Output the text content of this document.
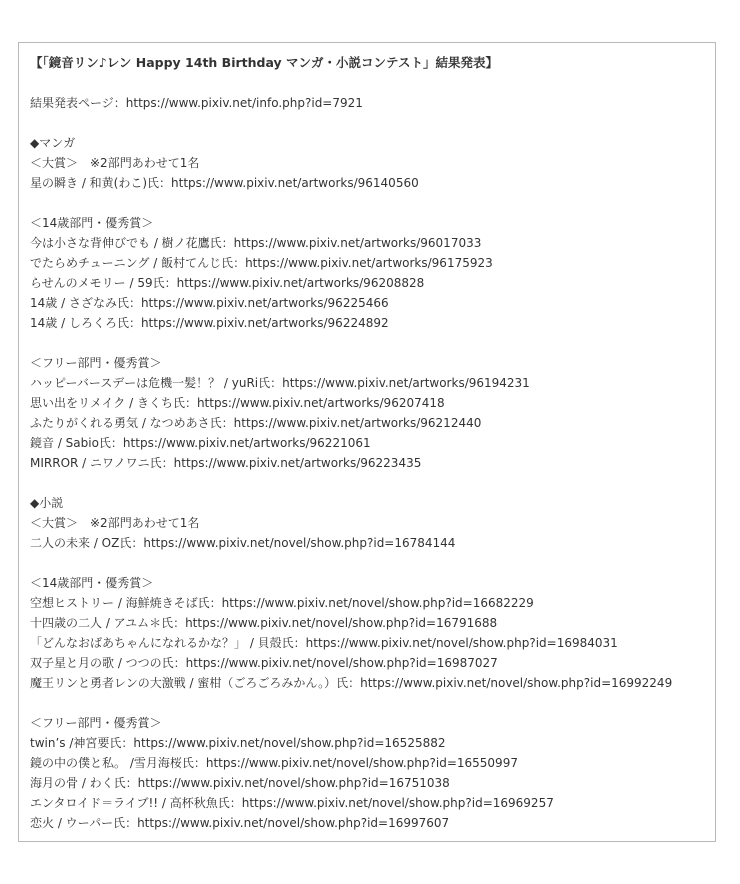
【「鏡音リン♪レン Happy 14th Birthday マンガ・小説コンテスト」結果発表】
結果発表ページ：https://www.pixiv.net/info.php?id=7921
◆マンガ
＜大賞＞　※2部門あわせて1名
星の瞬き / 和黄(わこ)氏：https://www.pixiv.net/artworks/96140560
＜14歳部門・優秀賞＞
今は小さな背伸びでも / 樹ノ花鷹氏：https://www.pixiv.net/artworks/96017033
でたらめチューニング / 飯村てんじ氏：https://www.pixiv.net/artworks/96175923
らせんのメモリー / 59氏：https://www.pixiv.net/artworks/96208828
14歳 / さざなみ氏：https://www.pixiv.net/artworks/96225466
14歳 / しろくろ氏：https://www.pixiv.net/artworks/96224892
＜フリー部門・優秀賞＞
ハッピーバースデーは危機一髪！？ / yuRi氏：https://www.pixiv.net/artworks/96194231
思い出をリメイク / きくち氏：https://www.pixiv.net/artworks/96207418
ふたりがくれる勇気 / なつめあさ氏：https://www.pixiv.net/artworks/96212440
鏡音 / Sabio氏：https://www.pixiv.net/artworks/96221061
MIRROR / ニワノワニ氏：https://www.pixiv.net/artworks/96223435
◆小説
＜大賞＞　※2部門あわせて1名
二人の未来 / OZ氏：https://www.pixiv.net/novel/show.php?id=16784144
＜14歳部門・優秀賞＞
空想ヒストリー / 海鮮焼きそば氏：https://www.pixiv.net/novel/show.php?id=16682229
十四歳の二人 / アユム＊氏：https://www.pixiv.net/novel/show.php?id=16791688
「どんなおばあちゃんになれるかな？」 / 貝殻氏：https://www.pixiv.net/novel/show.php?id=16984031
双子星と月の歌 / つつの氏：https://www.pixiv.net/novel/show.php?id=16987027
魔王リンと勇者レンの大激戦 / 蜜柑（ごろごろみかん。）氏：https://www.pixiv.net/novel/show.php?id=16992249
＜フリー部門・優秀賞＞
twin’s /神宮要氏：https://www.pixiv.net/novel/show.php?id=16525882
鏡の中の僕と私。 /雪月海桜氏：https://www.pixiv.net/novel/show.php?id=16550997
海月の骨 / わく氏：https://www.pixiv.net/novel/show.php?id=16751038
エンタロイド＝ライブ!! / 高杯秋魚氏：https://www.pixiv.net/novel/show.php?id=16969257
恋火 / ウーパー氏：https://www.pixiv.net/novel/show.php?id=16997607
